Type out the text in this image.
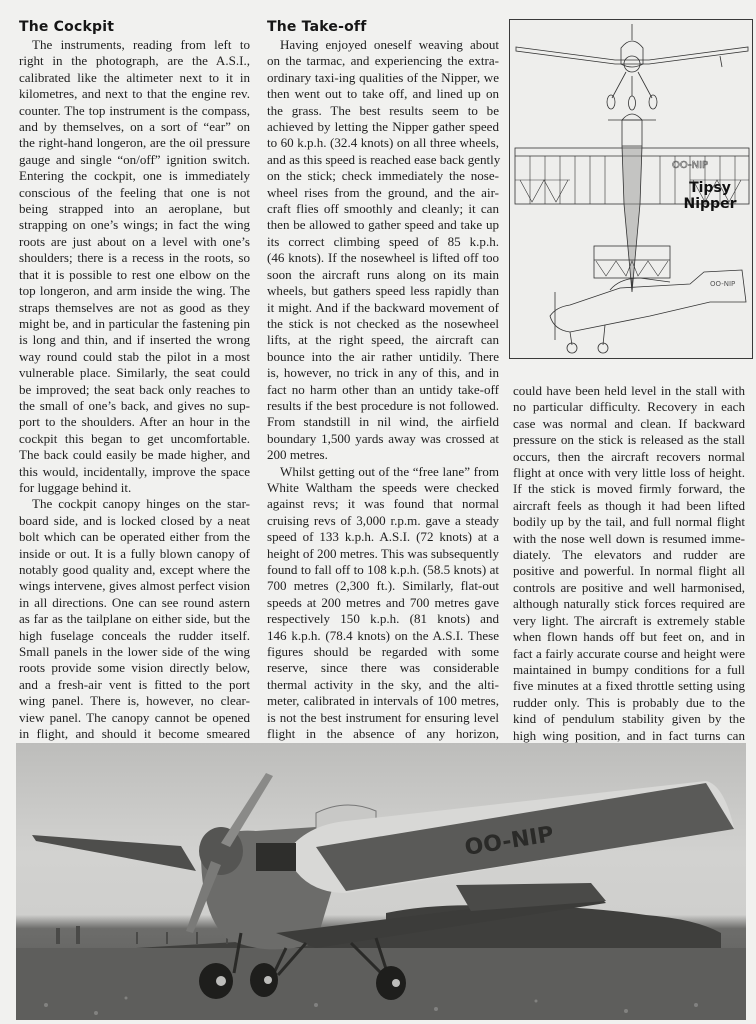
The Cockpit

The instruments, reading from left to
right in the photograph, are the A.S.I.,
calibrated like the altimeter next to it in
kilometres, and next to that the engine rev.
counter. The top instrument is the compass,
and by themselves, on a sort of “ear” on
the right-hand longeron, are the oil pressure
gauge and single “on/off” ignition switch.
Entering the cockpit, one is immediately
conscious of the feeling that one is not
being strapped into an aeroplane, but
strapping on one’s wings; in fact the wing
roots are just about on a level with one’s
shoulders; there is a recess in the roots, so
that it is possible to rest one elbow on the
top longeron, and arm inside the wing. The
straps themselves are not as good as they
might be, and in particular the fastening pin
is long and thin, and if inserted the wrong
way round could stab the pilot in a most
vulnerable place. Similarly, the seat could
be improved; the seat back only reaches to
the small of one’s back, and gives no sup-
port to the shoulders. After an hour in the
cockpit this began to get uncomfortable.
The back could easily be made higher, and
this would, incidentally, improve the space
for luggage behind it.

The cockpit canopy hinges on the star-
board side, and is locked closed by a neat
bolt which can be operated either from the
inside or out. It is a fully blown canopy of
notably good quality and, except where the
wings intervene, gives almost perfect vision
in all directions. One can see round astern
as far as the tailplane on either side, but the
high fuselage conceals the rudder itself.
Small panels in the lower side of the wing
roots provide some vision directly below,
and a fresh-air vent is fitted to the port
wing panel. There is, however, no clear-
view panel. The canopy cannot be opened
in flight, and should it become smeared

The Take-off

Having enjoyed oneself weaving about
on the tarmac, and experiencing the extra-
ordinary taxi-ing qualities of the Nipper, we
then went out to take off, and lined up on
the grass. The best results seem to be
achieved by letting the Nipper gather speed
to 60 k.p.h. (32.4 knots) on all three wheels,
and as this speed is reached ease back gently
on the stick; check immediately the nose-
wheel rises from the ground, and the air-
craft flies off smoothly and cleanly; it can
then be allowed to gather speed and take up
its correct climbing speed of 85 k.p.h.
(46 knots). If the nosewheel is lifted off too
soon the aircraft runs along on its main
wheels, but gathers speed less rapidly than
it might. And if the backward movement of
the stick is not checked as the nosewheel
lifts, at the right speed, the aircraft can
bounce into the air rather untidily. There
is, however, no trick in any of this, and in
fact no harm other than an untidy take-off
results if the best procedure is not followed.
From standstill in nil wind, the airfield
boundary 1,500 yards away was crossed at
200 metres.

Whilst getting out of the “free lane” from
White Waltham the speeds were checked
against revs; it was found that normal
cruising revs of 3,000 r.p.m. gave a steady
speed of 133 k.p.h. A.S.I. (72 knots) at a
height of 200 metres. This was subsequently
found to fall off to 108 k.p.h. (58.5 knots) at
700 metres (2,300 ft.). Similarly, flat-out
speeds at 200 metres and 700 metres gave
respectively 150 k.p.h. (81 knots) and
146 k.p.h. (78.4 knots) on the A.S.I. These
figures should be regarded with some
reserve, since there was considerable
thermal activity in the sky, and the alti-
meter, calibrated in intervals of 100 metres,
is not the best instrument for ensuring level
flight in the absence of any horizon,

OO-NIP
OO-NIP
Tipsy
Nipper

could have been held level in the stall with
no particular difficulty. Recovery in each
case was normal and clean. If backward
pressure on the stick is released as the stall
occurs, then the aircraft recovers normal
flight at once with very little loss of height.
If the stick is moved firmly forward, the
aircraft feels as though it had been lifted
bodily up by the tail, and full normal flight
with the nose well down is resumed imme-
diately. The elevators and rudder are
positive and powerful. In normal flight all
controls are positive and well harmonised,
although naturally stick forces required are
very light. The aircraft is extremely stable
when flown hands off but feet on, and in
fact a fairly accurate course and height were
maintained in bumpy conditions for a full
five minutes at a fixed throttle setting using
rudder only. This is probably due to the
kind of pendulum stability given by the
high wing position, and in fact turns can

OO-NIP
